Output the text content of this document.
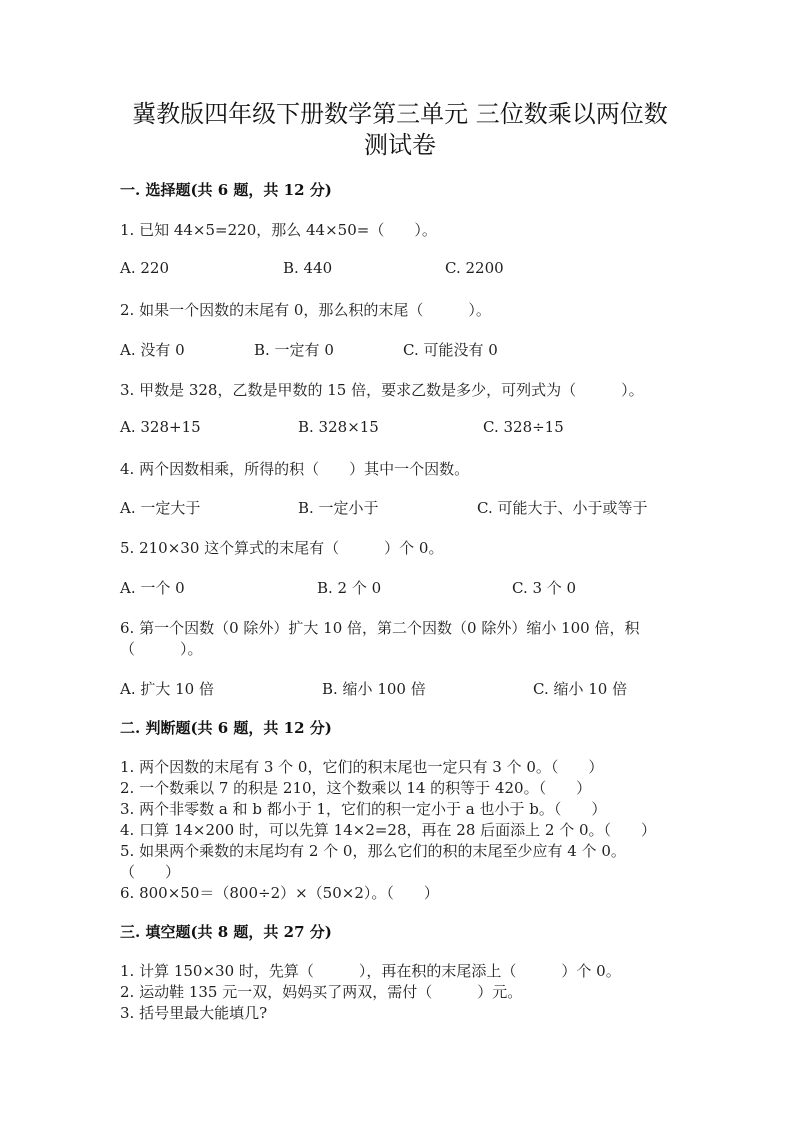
冀教版四年级下册数学第三单元 三位数乘以两位数
测试卷
一. 选择题(共 6 题，共 12 分)
1. 已知 44×5=220，那么 44×50=（　　）。
A. 220	B. 440	C. 2200
2. 如果一个因数的末尾有 0，那么积的末尾（　　　）。
A. 没有 0	B. 一定有 0	C. 可能没有 0
3. 甲数是 328，乙数是甲数的 15 倍，要求乙数是多少，可列式为（　　　）。
A. 328+15	B. 328×15	C. 328÷15
4. 两个因数相乘，所得的积（　　）其中一个因数。
A. 一定大于	B. 一定小于	C. 可能大于、小于或等于
5. 210×30 这个算式的末尾有（　　　）个 0。
A. 一个 0	B. 2 个 0	C. 3 个 0
6. 第一个因数（0 除外）扩大 10 倍，第二个因数（0 除外）缩小 100 倍，积
（　　　）。
A. 扩大 10 倍	B. 缩小 100 倍	C. 缩小 10 倍
二. 判断题(共 6 题，共 12 分)
1. 两个因数的末尾有 3 个 0，它们的积末尾也一定只有 3 个 0。（　　）
2. 一个数乘以 7 的积是 210，这个数乘以 14 的积等于 420。（　　）
3. 两个非零数 a 和 b 都小于 1，它们的积一定小于 a 也小于 b。（　　）
4. 口算 14×200 时，可以先算 14×2=28，再在 28 后面添上 2 个 0。（　　）
5. 如果两个乘数的末尾均有 2 个 0，那么它们的积的末尾至少应有 4 个 0。
（　　）
6. 800×50＝（800÷2）×（50×2）。（　　）
三. 填空题(共 8 题，共 27 分)
1. 计算 150×30 时，先算（　　　），再在积的末尾添上（　　　）个 0。
2. 运动鞋 135 元一双，妈妈买了两双，需付（　　　）元。
3. 括号里最大能填几?
